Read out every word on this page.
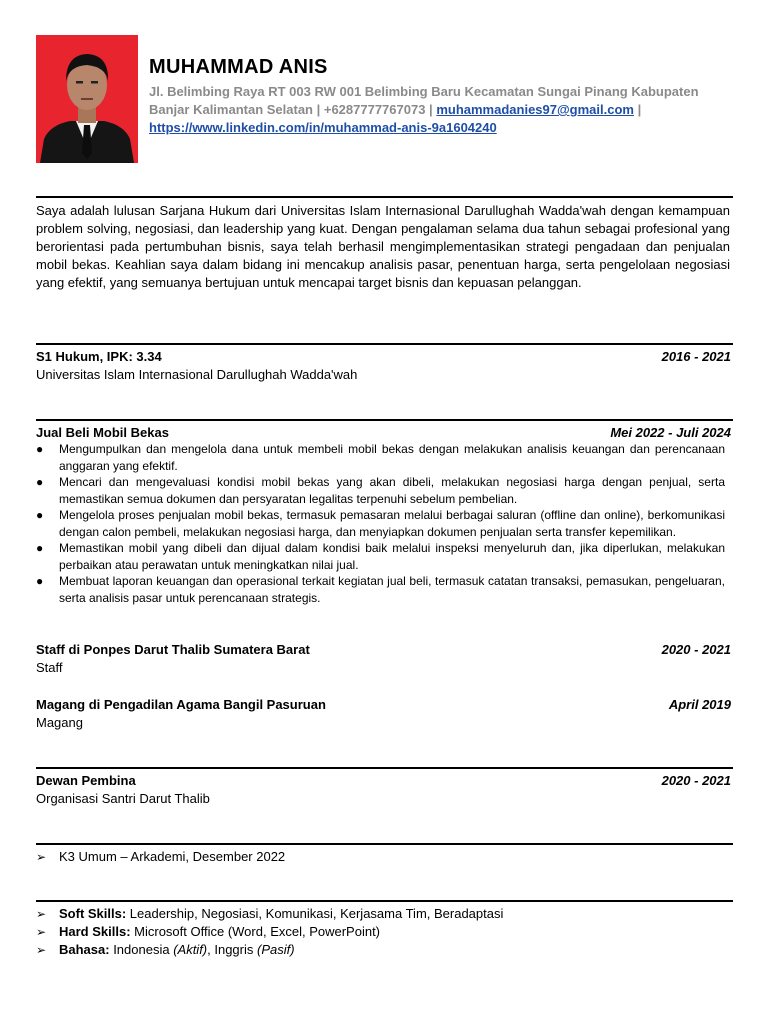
MUHAMMAD ANIS
Jl. Belimbing Raya RT 003 RW 001 Belimbing Baru Kecamatan Sungai Pinang Kabupaten
Banjar Kalimantan Selatan | +6287777767073 | muhammadanies97@gmail.com |
https://www.linkedin.com/in/muhammad-anis-9a1604240
Saya adalah lulusan Sarjana Hukum dari Universitas Islam Internasional Darullughah Wadda'wah dengan kemampuan problem solving, negosiasi, dan leadership yang kuat. Dengan pengalaman selama dua tahun sebagai profesional yang berorientasi pada pertumbuhan bisnis, saya telah berhasil mengimplementasikan strategi pengadaan dan penjualan mobil bekas. Keahlian saya dalam bidang ini mencakup analisis pasar, penentuan harga, serta pengelolaan negosiasi yang efektif, yang semuanya bertujuan untuk mencapai target bisnis dan kepuasan pelanggan.
S1 Hukum, IPK: 3.34	2016 - 2021
Universitas Islam Internasional Darullughah Wadda'wah
Jual Beli Mobil Bekas	Mei 2022 - Juli 2024
● Mengumpulkan dan mengelola dana untuk membeli mobil bekas dengan melakukan analisis keuangan dan perencanaan anggaran yang efektif.
● Mencari dan mengevaluasi kondisi mobil bekas yang akan dibeli, melakukan negosiasi harga dengan penjual, serta memastikan semua dokumen dan persyaratan legalitas terpenuhi sebelum pembelian.
● Mengelola proses penjualan mobil bekas, termasuk pemasaran melalui berbagai saluran (offline dan online), berkomunikasi dengan calon pembeli, melakukan negosiasi harga, dan menyiapkan dokumen penjualan serta transfer kepemilikan.
● Memastikan mobil yang dibeli dan dijual dalam kondisi baik melalui inspeksi menyeluruh dan, jika diperlukan, melakukan perbaikan atau perawatan untuk meningkatkan nilai jual.
● Membuat laporan keuangan dan operasional terkait kegiatan jual beli, termasuk catatan transaksi, pemasukan, pengeluaran, serta analisis pasar untuk perencanaan strategis.
Staff di Ponpes Darut Thalib Sumatera Barat	2020 - 2021
Staff
Magang di Pengadilan Agama Bangil Pasuruan	April 2019
Magang
Dewan Pembina	2020 - 2021
Organisasi Santri Darut Thalib
➢ K3 Umum – Arkademi, Desember 2022
➢ Soft Skills: Leadership, Negosiasi, Komunikasi, Kerjasama Tim, Beradaptasi
➢ Hard Skills: Microsoft Office (Word, Excel, PowerPoint)
➢ Bahasa: Indonesia (Aktif), Inggris (Pasif)
